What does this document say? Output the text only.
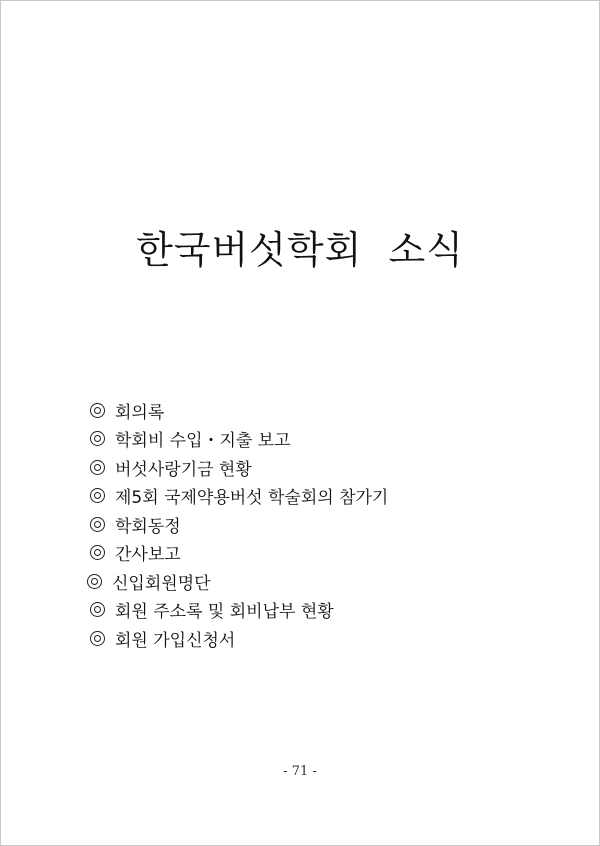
한국버섯학회  소식
회의록
학회비 수입・지출 보고
버섯사랑기금 현황
제5회 국제약용버섯 학술회의 참가기
학회동정
간사보고
신입회원명단
회원 주소록 및 회비납부 현황
회원 가입신청서
- 71 -
